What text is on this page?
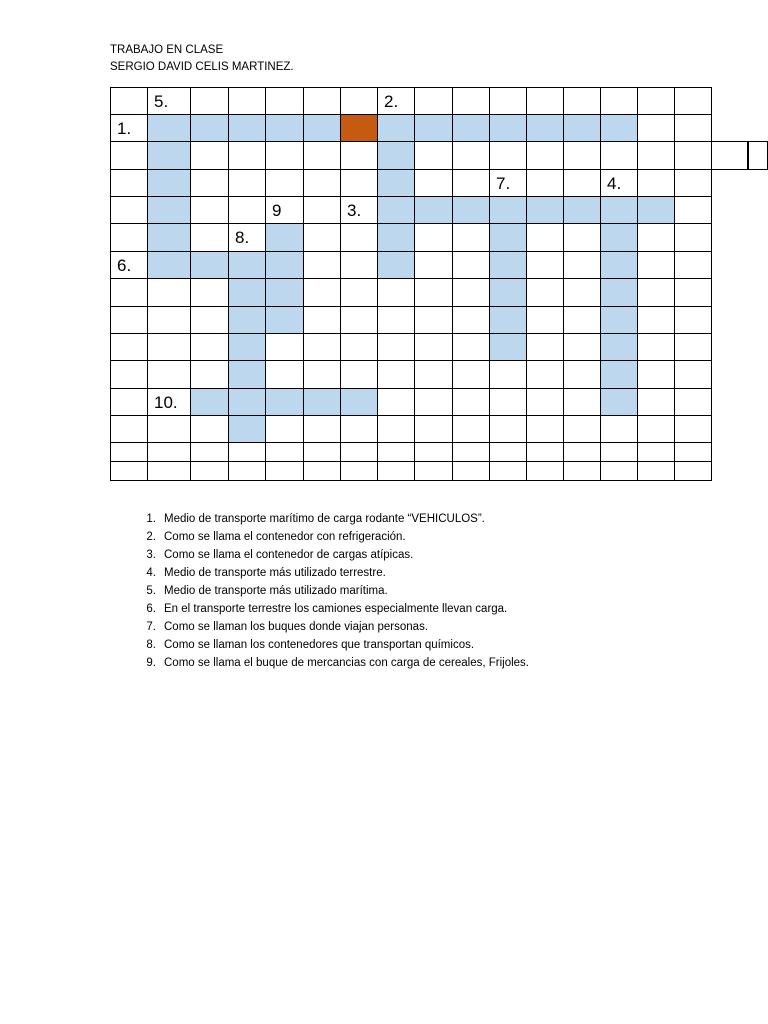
TRABAJO EN CLASE
SERGIO DAVID CELIS MARTINEZ.
5.	2.
1.
7.	4.
9	3.
8.
6.
10.
1. Medio de transporte marítimo de carga rodante “VEHICULOS”.
2. Como se llama el contenedor con refrigeración.
3. Como se llama el contenedor de cargas atípicas.
4. Medio de transporte más utilizado terrestre.
5. Medio de transporte más utilizado marítima.
6. En el transporte terrestre los camiones especialmente llevan carga.
7. Como se llaman los buques donde viajan personas.
8. Como se llaman los contenedores que transportan químicos.
9. Como se llama el buque de mercancias con carga de cereales, Frijoles.
